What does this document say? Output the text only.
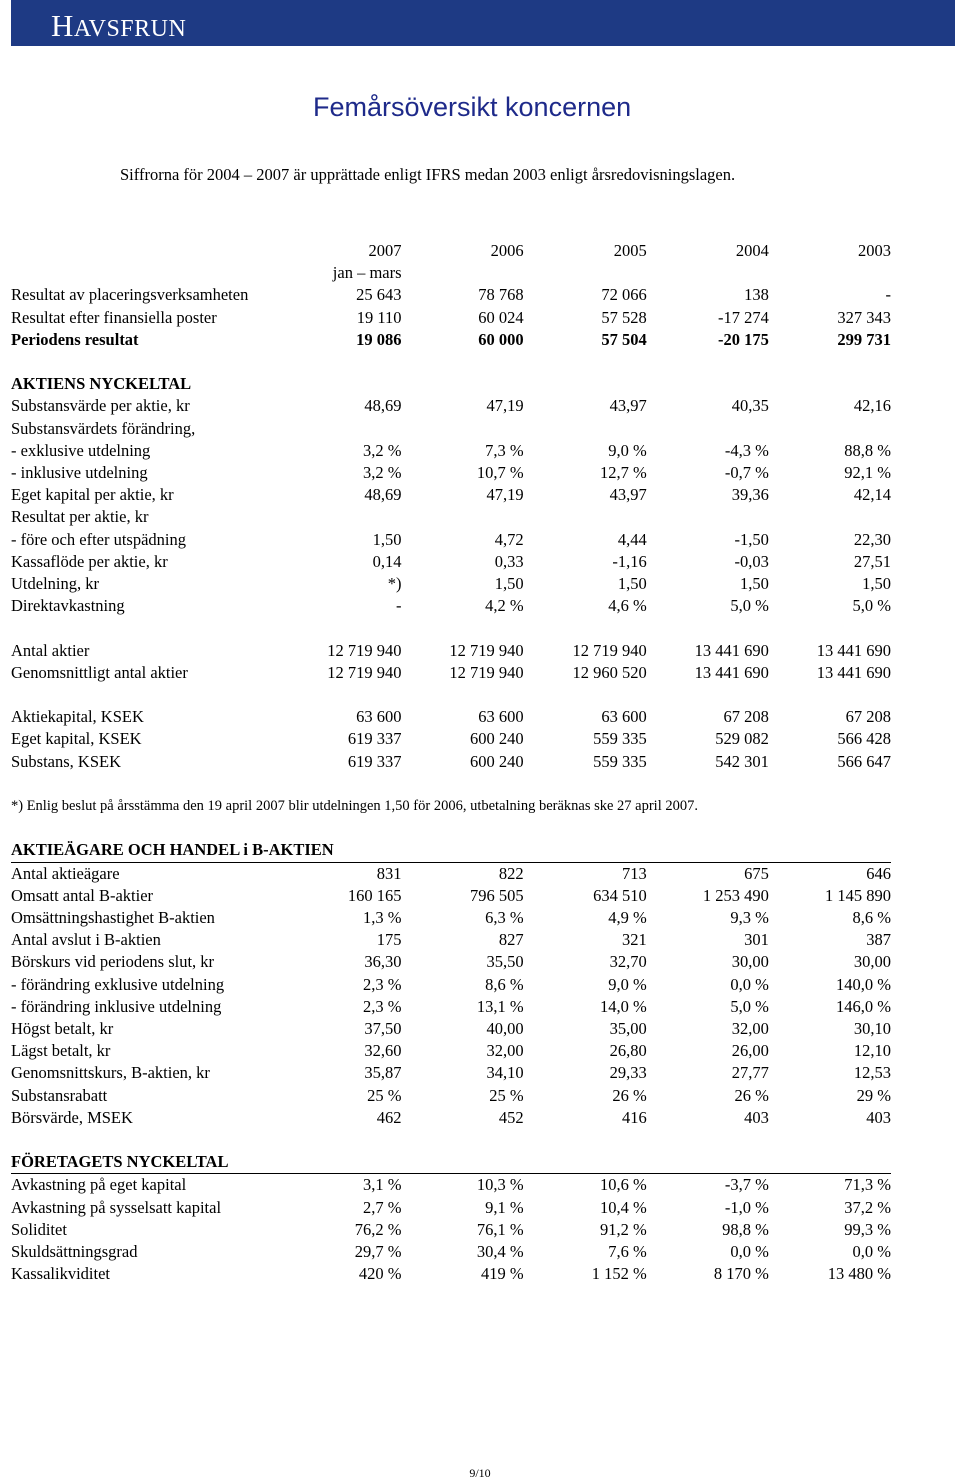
HAVSFRUN
Femårsöversikt koncernen
Siffrorna för 2004 – 2007 är upprättade enligt IFRS medan 2003 enligt årsredovisningslagen.
	2007	2006	2005	2004	2003
	jan – mars				
Resultat av placeringsverksamheten	25 643	78 768	72 066	138	-
Resultat efter finansiella poster	19 110	60 024	57 528	-17 274	327 343
Periodens resultat	19 086	60 000	57 504	-20 175	299 731

AKTIENS NYCKELTAL					
Substansvärde per aktie, kr	48,69	47,19	43,97	40,35	42,16
Substansvärdets förändring,					
- exklusive utdelning	3,2 %	7,3 %	9,0 %	-4,3 %	88,8 %
- inklusive utdelning	3,2 %	10,7 %	12,7 %	-0,7 %	92,1 %
Eget kapital per aktie, kr	48,69	47,19	43,97	39,36	42,14
Resultat per aktie, kr					
- före och efter utspädning	1,50	4,72	4,44	-1,50	22,30
Kassaflöde per aktie, kr	0,14	0,33	-1,16	-0,03	27,51
Utdelning, kr	*)	1,50	1,50	1,50	1,50
Direktavkastning	-	4,2 %	4,6 %	5,0 %	5,0 %

Antal aktier	12 719 940	12 719 940	12 719 940	13 441 690	13 441 690
Genomsnittligt antal aktier	12 719 940	12 719 940	12 960 520	13 441 690	13 441 690

Aktiekapital, KSEK	63 600	63 600	63 600	67 208	67 208
Eget kapital, KSEK	619 337	600 240	559 335	529 082	566 428
Substans, KSEK	619 337	600 240	559 335	542 301	566 647

*) Enlig beslut på årsstämma den 19 april 2007 blir utdelningen 1,50 för 2006, utbetalning beräknas ske 27 april 2007.					

AKTIEÄGARE OCH HANDEL i B-AKTIEN					
Antal aktieägare	831	822	713	675	646
Omsatt antal B-aktier	160 165	796 505	634 510	1 253 490	1 145 890
Omsättningshastighet B-aktien	1,3 %	6,3 %	4,9 %	9,3 %	8,6 %
Antal avslut i B-aktien	175	827	321	301	387
Börskurs vid periodens slut, kr	36,30	35,50	32,70	30,00	30,00
- förändring exklusive utdelning	2,3 %	8,6 %	9,0 %	0,0 %	140,0 %
- förändring inklusive utdelning	2,3 %	13,1 %	14,0 %	5,0 %	146,0 %
Högst betalt, kr	37,50	40,00	35,00	32,00	30,10
Lägst betalt, kr	32,60	32,00	26,80	26,00	12,10
Genomsnittskurs, B-aktien, kr	35,87	34,10	29,33	27,77	12,53
Substansrabatt	25 %	25 %	26 %	26 %	29 %
Börsvärde, MSEK	462	452	416	403	403

FÖRETAGETS NYCKELTAL					
Avkastning på eget kapital	3,1 %	10,3 %	10,6 %	-3,7 %	71,3 %
Avkastning på sysselsatt kapital	2,7 %	9,1 %	10,4 %	-1,0 %	37,2 %
Soliditet	76,2 %	76,1 %	91,2 %	98,8 %	99,3 %
Skuldsättningsgrad	29,7 %	30,4 %	7,6 %	0,0 %	0,0 %
Kassalikviditet	420 %	419 %	1 152 %	8 170 %	13 480 %
9/10
